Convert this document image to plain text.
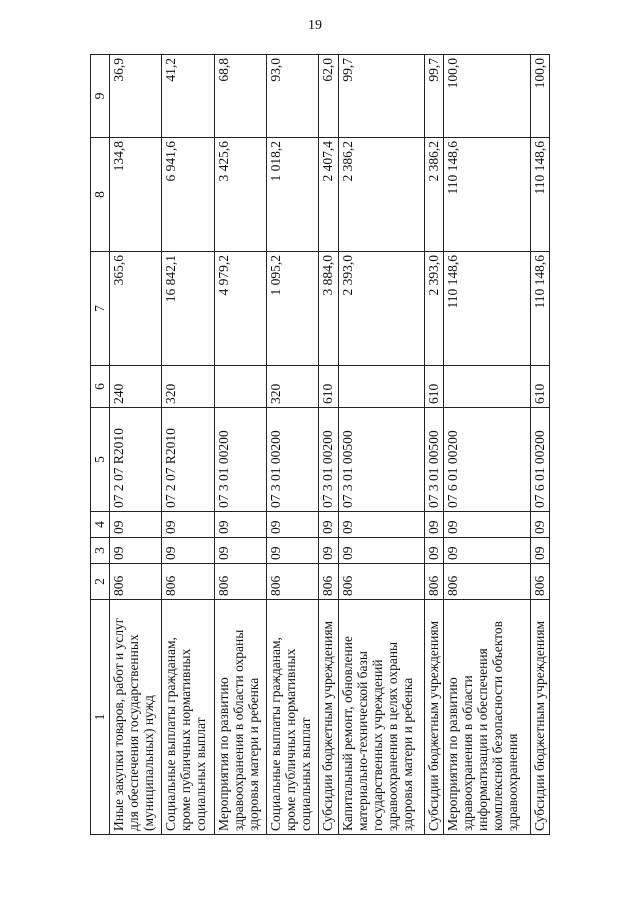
19
1	2	3	4	5	6	7	8	9
Иные закупки товаров, работ и услуг для обеспечения государственных (муниципальных) нужд	806	09	09	07 2 07 R2010	240	365,6	134,8	36,9
Социальные выплаты гражданам, кроме публичных нормативных социальных выплат	806	09	09	07 2 07 R2010	320	16 842,1	6 941,6	41,2
Мероприятия по развитию здравоохранения в области охраны здоровья матери и ребенка	806	09	09	07 3 01 00200		4 979,2	3 425,6	68,8
Социальные выплаты гражданам, кроме публичных нормативных социальных выплат	806	09	09	07 3 01 00200	320	1 095,2	1 018,2	93,0
Субсидии бюджетным учреждениям	806	09	09	07 3 01 00200	610	3 884,0	2 407,4	62,0
Капитальный ремонт, обновление материально-технической базы государственных учреждений здравоохранения в целях охраны здоровья матери и ребенка	806	09	09	07 3 01 00500		2 393,0	2 386,2	99,7
Субсидии бюджетным учреждениям	806	09	09	07 3 01 00500	610	2 393,0	2 386,2	99,7
Мероприятия по развитию здравоохранения в области информатизации и обеспечения комплексной безопасности объектов здравоохранения	806	09	09	07 6 01 00200		110 148,6	110 148,6	100,0
Субсидии бюджетным учреждениям	806	09	09	07 6 01 00200	610	110 148,6	110 148,6	100,0
